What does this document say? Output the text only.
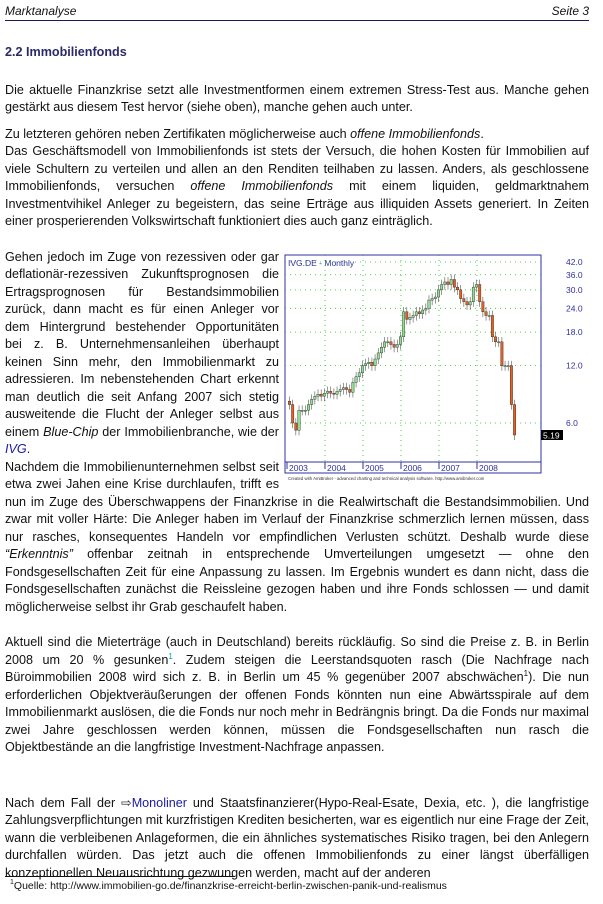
Marktanalyse	Seite 3
2.2 Immobilienfonds

Die aktuelle Finanzkrise setzt alle Investmentformen einem extremen Stress-Test aus. Manche gehen gestärkt aus diesem Test hervor (siehe oben), manche gehen auch unter.

Zu letzteren gehören neben Zertifikaten möglicherweise auch offene Immobilienfonds.
Das Geschäftsmodell von Immobilienfonds ist stets der Versuch, die hohen Kosten für Immobilien auf viele Schultern zu verteilen und allen an den Renditen teilhaben zu lassen. Anders, als geschlossene Immobilienfonds, versuchen offene Immobilienfonds mit einem liquiden, geldmarktnahem Investmentvihikel Anleger zu begeistern, das seine Erträge aus illiquiden Assets generiert. In Zeiten einer prosperierenden Volkswirtschaft funktioniert dies auch ganz einträglich.

IVG.DE - Monthly	42.0
36.0
30.0
24.0
18.0
12.0
6.0
2003 2004 2005 2006 2007 2008
5.19
Created with AmiBroker - advanced charting and technical analysis software. http://www.amibroker.com
Gehen jedoch im Zuge von rezessiven oder gar deflationär-rezessiven Zukunftsprognosen die Ertragsprognosen für Bestandsimmobilien zurück, dann macht es für einen Anleger vor dem Hintergrund bestehender Opportunitäten bei z. B. Unternehmensanleihen überhaupt keinen Sinn mehr, den Immobilienmarkt zu adressieren. Im nebenstehenden Chart erkennt man deutlich die seit Anfang 2007 sich stetig ausweitende die Flucht der Anleger selbst aus einem Blue-Chip der Immobilienbranche, wie der IVG.
Nachdem die Immobilienunternehmen selbst seit etwa zwei Jahen eine Krise durchlaufen, trifft es nun im Zuge des Überschwappens der Finanzkrise in die Realwirtschaft die Bestandsimmobilien. Und zwar mit voller Härte: Die Anleger haben im Verlauf der Finanzkrise schmerzlich lernen müssen, dass nur rasches, konsequentes Handeln vor empfindlichen Verlusten schützt. Deshalb wurde diese “Erkenntnis” offenbar zeitnah in entsprechende Umverteilungen umgesetzt — ohne den Fondsgesellschaften Zeit für eine Anpassung zu lassen. Im Ergebnis wundert es dann nicht, dass die Fondsgesellschaften zunächst die Reissleine gezogen haben und ihre Fonds schlossen — und damit möglicherweise selbst ihr Grab geschaufelt haben.

Aktuell sind die Mieterträge (auch in Deutschland) bereits rückläufig. So sind die Preise z. B. in Berlin 2008 um 20 % gesunken$^1$. Zudem steigen die Leerstandsquoten rasch (Die Nachfrage nach Büroimmobilien 2008 wird sich z. B. in Berlin um 45 % gegenüber 2007 abschwächen$^1$). Die nun erforderlichen Objektveräußerungen der offenen Fonds könnten nun eine Abwärtsspirale auf dem Immobilienmarkt auslösen, die die Fonds nur noch mehr in Bedrängnis bringt. Da die Fonds nur maximal zwei Jahre geschlossen werden können, müssen die Fondsgesellschaften nun rasch die Objektbestände an die langfristige Investment-Nachfrage anpassen.

Nach dem Fall der ⇨Monoliner und Staatsfinanzierer(Hypo-Real-Esate, Dexia, etc. ), die langfristige Zahlungsverpflichtungen mit kurzfristigen Krediten besicherten, war es eigentlich nur eine Frage der Zeit, wann die verbleibenen Anlageformen, die ein ähnliches systematisches Risiko tragen, bei den Anlegern durchfallen würden. Das jetzt auch die offenen Immobilienfonds zu einer längst überfälligen konzeptionellen Neuausrichtung gezwungen werden, macht auf der anderen

$^1$Quelle: http://www.immobilien-go.de/finanzkrise-erreicht-berlin-zwischen-panik-und-realismus
